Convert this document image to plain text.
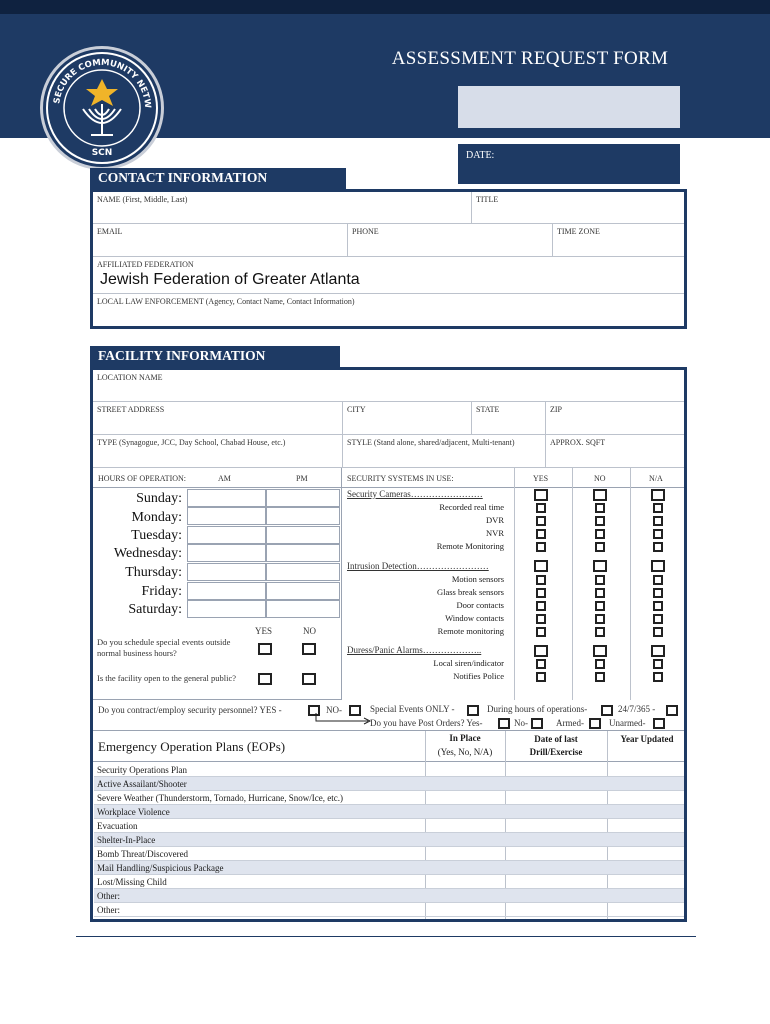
SECURE COMMUNITY NETW
SCN
ASSESSMENT REQUEST FORM
DATE:
CONTACT INFORMATION
NAME (First, Middle, Last)	TITLE
EMAIL	PHONE	TIME ZONE
AFFILIATED FEDERATION
Jewish Federation of Greater Atlanta
LOCAL LAW ENFORCEMENT (Agency, Contact Name, Contact Information)
FACILITY INFORMATION
LOCATION NAME
STREET ADDRESS	CITY	STATE	ZIP
TYPE (Synagogue, JCC, Day School, Chabad House, etc.)	STYLE (Stand alone, shared/adjacent, Multi-tenant)	APPROX. SQFT
HOURS OF OPERATION:	AM	PM
Sunday:
Monday:
Tuesday:
Wednesday:
Thursday:
Friday:
Saturday:
YES	NO
Do you schedule special events outside normal business hours?
Is the facility open to the general public?
SECURITY SYSTEMS IN USE:	YES	NO	N/A
Security Cameras……………………
Recorded real time
DVR
NVR
Remote Monitoring
Intrusion Detection……………………
Motion sensors
Glass break sensors
Door contacts
Window contacts
Remote monitoring
Duress/Panic Alarms………………..
Local siren/indicator
Notifies Police
Do you contract/employ security personnel? YES -	NO-	Special Events ONLY -	During hours of operations-	24/7/365 -
Do you have Post Orders? Yes-	No-	Armed-	Unarmed-
Emergency Operation Plans (EOPs)
In Place
(Yes, No, N/A)
Date of last Drill/Exercise
Year Updated
Security Operations Plan
Active Assailant/Shooter
Severe Weather (Thunderstorm, Tornado, Hurricane, Snow/Ice, etc.)
Workplace Violence
Evacuation
Shelter-In-Place
Bomb Threat/Discovered
Mail Handling/Suspicious Package
Lost/Missing Child
Other:
Other:
